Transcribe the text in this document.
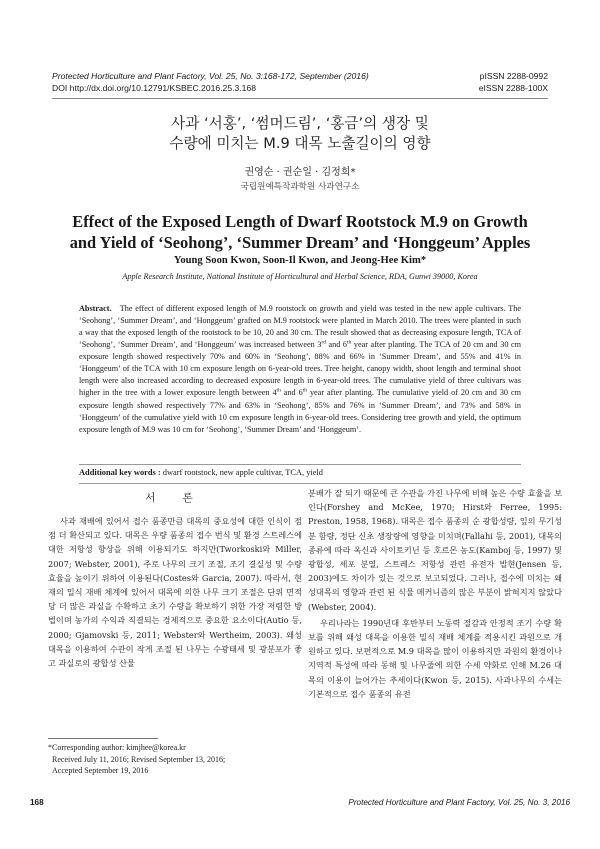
Protected Horticulture and Plant Factory, Vol. 25, No. 3:168-172, September (2016)
DOI http://dx.doi.org/10.12791/KSBEC.2016.25.3.168
pISSN 2288-0992
eISSN 2288-100X
사과 ‘서홍’, ‘썸머드림’, ‘홍금’의 생장 및
수량에 미치는 M.9 대목 노출길이의 영향
권영순 · 권순일 · 김정희*
국립원예특작과학원 사과연구소
Effect of the Exposed Length of Dwarf Rootstock M.9 on Growth
and Yield of ‘Seohong’, ‘Summer Dream’ and ‘Honggeum’ Apples
Young Soon Kwon, Soon-Il Kwon, and Jeong-Hee Kim*
Apple Research Institute, National Institute of Horticultural and Herbal Science, RDA, Gunwi 39000, Korea
Abstract. The effect of different exposed length of M.9 rootstock on growth and yield was tested in the new apple cultivars. The ‘Seohong’, ‘Summer Dream’, and ‘Honggeum’ grafted on M.9 rootstock were planted in March 2010. The trees were planted in such a way that the exposed length of the rootstock to be 10, 20 and 30 cm. The result showed that as decreasing exposure length, TCA of ‘Seohong’, ‘Summer Dream’, and ‘Honggeum’ was increased between 3rd and 6th year after planting. The TCA of 20 cm and 30 cm exposure length showed respectively 70% and 60% in ‘Seohong’, 88% and 66% in ‘Summer Dream’, and 55% and 41% in ‘Honggeum’ of the TCA with 10 cm exposure length on 6-year-old trees. Tree height, canopy width, shoot length and terminal shoot length were also increased according to decreased exposure length in 6-year-old trees. The cumulative yield of three cultivars was higher in the tree with a lower exposure length between 4th and 6th year after planting. The cumulative yield of 20 cm and 30 cm exposure length showed respectively 77% and 63% in ‘Seohong’, 85% and 76% in ‘Summer Dream’, and 73% and 58% in ‘Honggeum’ of the cumulative yield with 10 cm exposure length in 6-year-old trees. Considering tree growth and yield, the optimum exposure length of M.9 was 10 cm for ‘Seohong’, ‘Summer Dream’ and ‘Honggeum’.
Additional key words : dwarf rootstock, new apple cultivar, TCA, yield
서 론

사과 재배에 있어서 접수 품종만큼 대목의 중요성에 대한 인식이 점점 더 확산되고 있다. 대목은 우량 품종의 접수 번식 및 환경 스트레스에 대한 저항성 향상을 위해 이용되기도 하지만(Tworkoski와 Miller, 2007; Webster, 2001), 주로 나무의 크기 조절, 조기 결실성 및 수량 효율을 높이기 위하여 이용된다(Costes와 Garcia, 2007). 따라서, 현재의 밀식 재배 체계에 있어서 대목에 의한 나무 크기 조절은 단위 면적 당 더 많은 과실을 수확하고 초기 수량을 확보하기 위한 가장 저렴한 방법이며 농가의 수익과 직결되는 경제적으로 중요한 요소이다(Autio 등, 2000; Gjamovski 등, 2011; Webster와 Wertheim, 2003). 왜성 대목을 이용하여 수관이 작게 조절 된 나무는 수광태세 및 광분포가 좋고 과실로의 광합성 산물

분배가 잘 되기 때문에 큰 수관을 가진 나무에 비해 높은 수량 효율을 보인다(Forshey and McKee, 1970; Hirst와 Ferree, 1995: Preston, 1958, 1968). 대목은 접수 품종의 순 광합성량, 잎의 무기성분 함량, 정단 신초 생장량에 영향을 미치며(Fallahi 등, 2001), 대목의 종류에 따라 옥신과 사이토키닌 등 호르몬 농도(Kamboj 등, 1997) 및 광합성, 세포 분열, 스트레스 저항성 관련 유전자 발현(Jensen 등, 2003)에도 차이가 있는 것으로 보고되었다. 그러나, 접수에 미치는 왜성대목의 영향과 관련 된 식물 메커니즘의 많은 부분이 밝혀지지 않았다(Webster, 2004).

우리나라는 1990년대 후반부터 노동력 절감과 안정적 조기 수량 확보를 위해 왜성 대목을 이용한 밀식 재배 체계를 적용시킨 과원으로 개원하고 있다. 보편적으로 M.9 대목을 많이 이용하지만 과원의 환경이나 지역적 특성에 따라 동해 및 나무줄에 의한 수세 약화로 인해 M.26 대목의 이용이 늘어가는 추세이다(Kwon 등, 2015). 사과나무의 수세는 기본적으로 접수 품종의 유전

*Corresponding author: kimjhee@korea.kr
Received July 11, 2016; Revised September 13, 2016;
Accepted September 19, 2016
168	Protected Horticulture and Plant Factory, Vol. 25, No. 3, 2016
